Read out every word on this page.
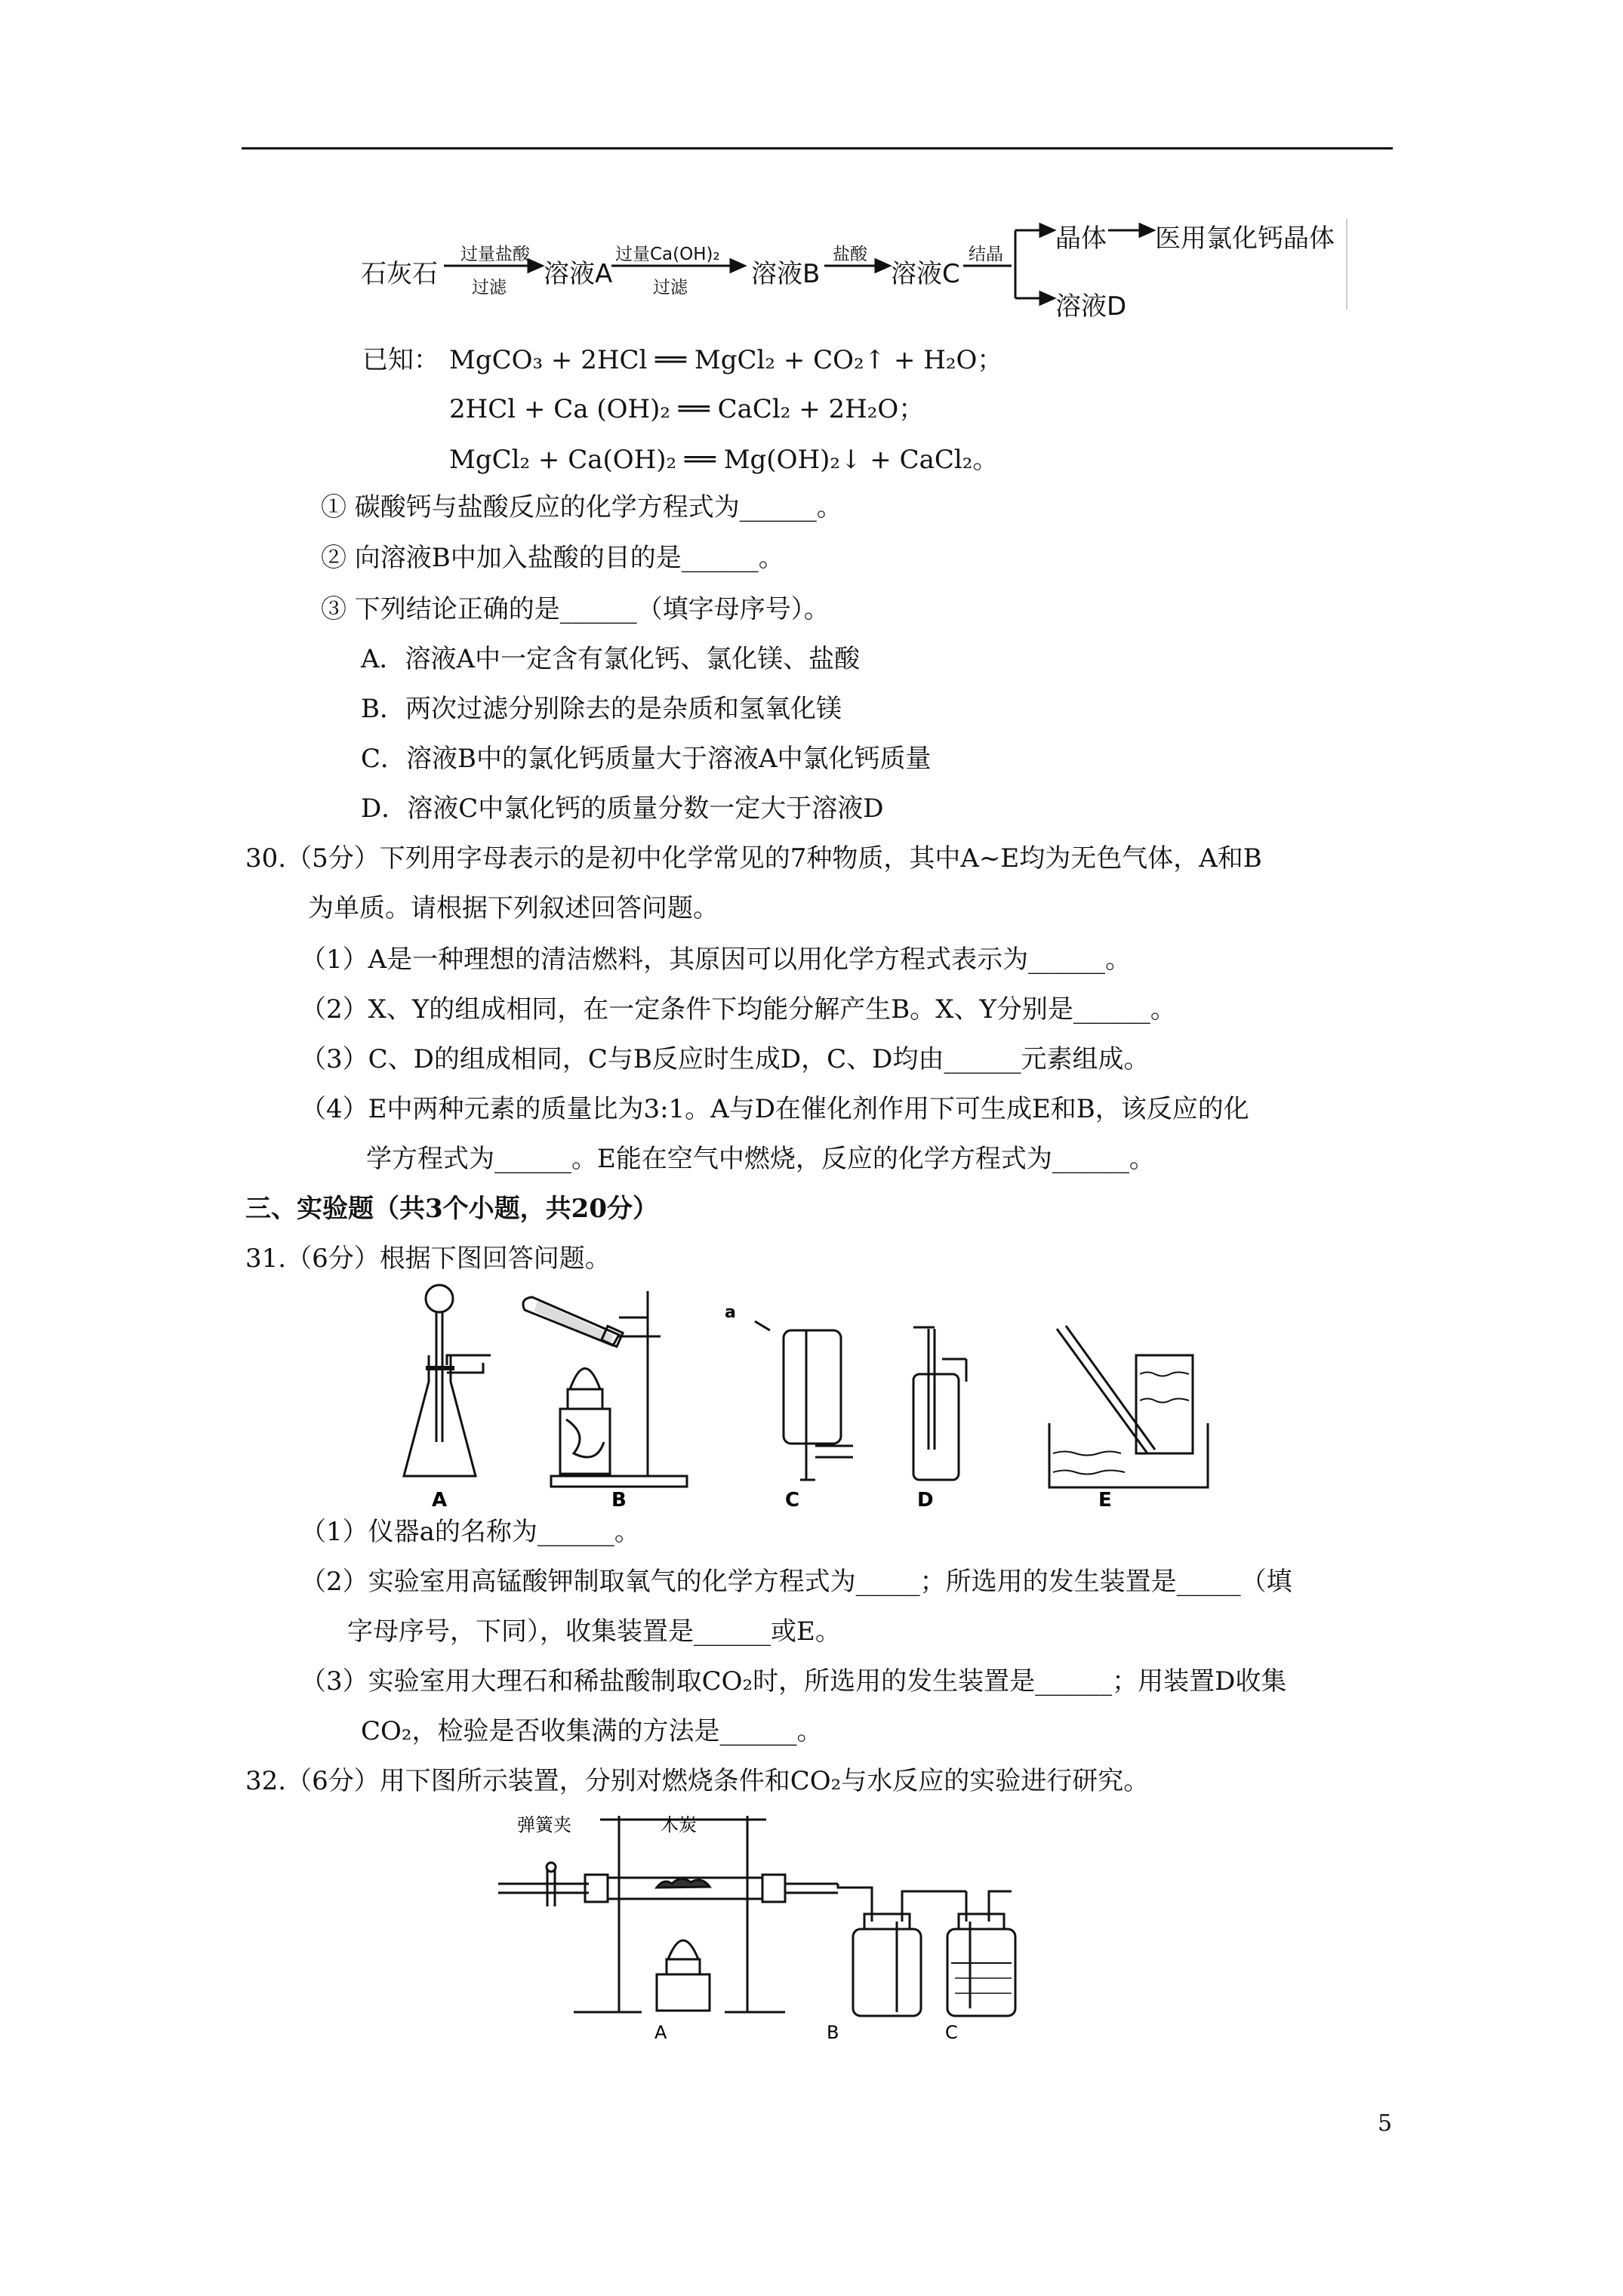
石灰石
过量盐酸
过滤 溶液A
过量Ca(OH)₂
过滤 溶液B
盐酸
溶液C
结晶
晶体 医用氯化钙晶体
溶液D
已知： MgCO₃ + 2HCl ══ MgCl₂ + CO₂↑ + H₂O；
2HCl + Ca (OH)₂ ══ CaCl₂ + 2H₂O；
MgCl₂ + Ca(OH)₂ ══ Mg(OH)₂↓ + CaCl₂。
① 碳酸钙与盐酸反应的化学方程式为______。
② 向溶液B中加入盐酸的目的是______。
③ 下列结论正确的是______（填字母序号）。
A．溶液A中一定含有氯化钙、氯化镁、盐酸
B．两次过滤分别除去的是杂质和氢氧化镁
C．溶液B中的氯化钙质量大于溶液A中氯化钙质量
D．溶液C中氯化钙的质量分数一定大于溶液D
30.（5分）下列用字母表示的是初中化学常见的7种物质，其中A~E均为无色气体，A和B
为单质。请根据下列叙述回答问题。
（1）A是一种理想的清洁燃料，其原因可以用化学方程式表示为______。
（2）X、Y的组成相同，在一定条件下均能分解产生B。X、Y分别是______。
（3）C、D的组成相同，C与B反应时生成D，C、D均由______元素组成。
（4）E中两种元素的质量比为3:1。A与D在催化剂作用下可生成E和B，该反应的化
学方程式为______。E能在空气中燃烧，反应的化学方程式为______。
三、实验题（共3个小题，共20分）
31.（6分）根据下图回答问题。
a
A	B	C	D	E
（1）仪器a的名称为______。
（2）实验室用高锰酸钾制取氧气的化学方程式为_____；所选用的发生装置是_____（填
字母序号，下同），收集装置是______或E。
（3）实验室用大理石和稀盐酸制取CO₂时，所选用的发生装置是______；用装置D收集
CO₂，检验是否收集满的方法是______。
32.（6分）用下图所示装置，分别对燃烧条件和CO₂与水反应的实验进行研究。
弹簧夹	木炭
A	B	C
5
